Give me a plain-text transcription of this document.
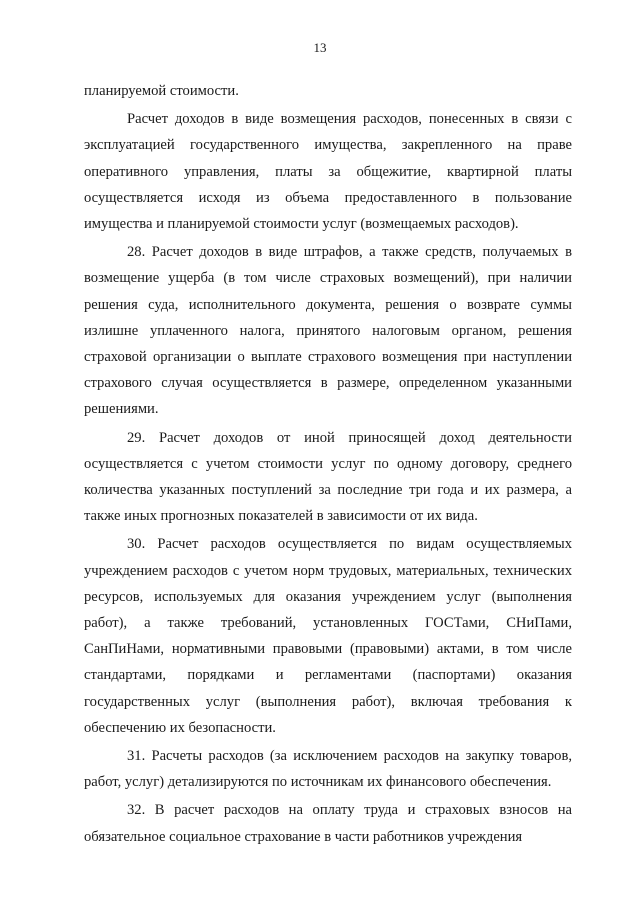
13

планируемой стоимости.

Расчет доходов в виде возмещения расходов, понесенных в связи с эксплуатацией государственного имущества, закрепленного на праве оперативного управления, платы за общежитие, квартирной платы осуществляется исходя из объема предоставленного в пользование имущества и планируемой стоимости услуг (возмещаемых расходов).

28. Расчет доходов в виде штрафов, а также средств, получаемых в возмещение ущерба (в том числе страховых возмещений), при наличии решения суда, исполнительного документа, решения о возврате суммы излишне уплаченного налога, принятого налоговым органом, решения страховой организации о выплате страхового возмещения при наступлении страхового случая осуществляется в размере, определенном указанными решениями.

29. Расчет доходов от иной приносящей доход деятельности осуществляется с учетом стоимости услуг по одному договору, среднего количества указанных поступлений за последние три года и их размера, а также иных прогнозных показателей в зависимости от их вида.

30. Расчет расходов осуществляется по видам осуществляемых учреждением расходов с учетом норм трудовых, материальных, технических ресурсов, используемых для оказания учреждением услуг (выполнения работ), а также требований, установленных ГОСТами, СНиПами, СанПиНами, нормативными правовыми (правовыми) актами, в том числе стандартами, порядками и регламентами (паспортами) оказания государственных услуг (выполнения работ), включая требования к обеспечению их безопасности.

31. Расчеты расходов (за исключением расходов на закупку товаров, работ, услуг) детализируются по источникам их финансового обеспечения.

32. В расчет расходов на оплату труда и страховых взносов на обязательное социальное страхование в части работников учреждения
